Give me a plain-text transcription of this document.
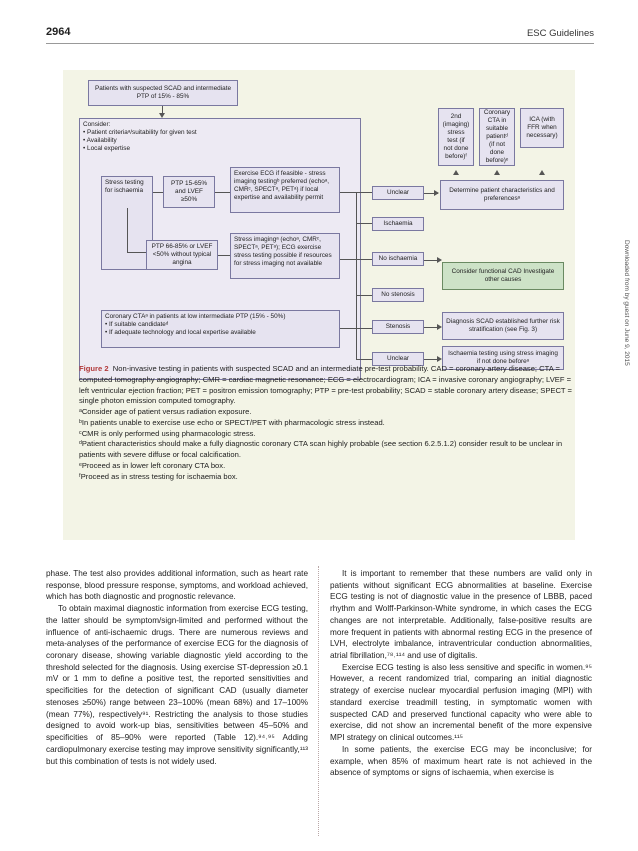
2964	ESC Guidelines
Patients with suspected SCAD and intermediate PTP of 15% - 85%
Consider:
• Patient criteriaᵃ/suitability for given test
• Availability
• Local expertise
Stress testing for ischaemia
PTP 15-65% and LVEF ≥50%
Exercise ECG if feasible - stress imaging testingᵇ preferred (echoᵃ, CMRᶜ, SPECTᵃ, PETᵃ) if local expertise and availability permit
PTP 66-85% or LVEF <50% without typical angina
Stress imagingᵃ (echoᵃ, CMRᶜ, SPECTᵃ, PETᵃ); ECG exercise stress testing possible if resources for stress imaging not available
Coronary CTAᵃ in patients at low intermediate PTP (15% - 50%)
• If suitable candidateᵈ
• If adequate technology and local expertise available
Unclear
Ischaemia
No ischaemia
No stenosis
Stenosis
Unclear
2nd (imaging) stress test (if not done before)ᶠ
Coronary CTA in suitable patientᵈ (if not done before)ᵉ
ICA (with FFR when necessary)
Determine patient characteristics and preferencesᵃ
Consider functional CAD Investigate other causes
Diagnosis SCAD established further risk stratification (see Fig. 3)
Ischaemia testing using stress imaging if not done beforeᵃ

Figure 2 Non-invasive testing in patients with suspected SCAD and an intermediate pre-test probability. CAD = coronary artery disease; CTA = computed tomography angiography; CMR = cardiac magnetic resonance; ECG = electrocardiogram; ICA = invasive coronary angiography; LVEF = left ventricular ejection fraction; PET = positron emission tomography; PTP = pre-test probability; SCAD = stable coronary artery disease; SPECT = single photon emission computed tomography.

ᵃConsider age of patient versus radiation exposure.

ᵇIn patients unable to exercise use echo or SPECT/PET with pharmacologic stress instead.

ᶜCMR is only performed using pharmacologic stress.

ᵈPatient characteristics should make a fully diagnostic coronary CTA scan highly probable (see section 6.2.5.1.2) consider result to be unclear in patients with severe diffuse or focal calcification.

ᵉProceed as in lower left coronary CTA box.

ᶠProceed as in stress testing for ischaemia box.

Downloaded from by guest on June 9, 2015

phase. The test also provides additional information, such as heart rate response, blood pressure response, symptoms, and workload achieved, which has both diagnostic and prognostic relevance.

To obtain maximal diagnostic information from exercise ECG testing, the latter should be symptom/sign-limited and performed without the influence of anti-ischaemic drugs. There are numerous reviews and meta-analyses of the performance of exercise ECG for the diagnosis of coronary disease, showing variable diagnostic yield according to the threshold selected for the diagnosis. Using exercise ST-depression ≥0.1 mV or 1 mm to define a positive test, the reported sensitivities and specificities for the detection of significant CAD (usually diameter stenoses ≥50%) range between 23–100% (mean 68%) and 17–100% (mean 77%), respectively⁹¹. Restricting the analysis to those studies designed to avoid work-up bias, sensitivities between 45–50% and specificities of 85–90% were reported (Table 12).⁹⁴˒⁹⁵ Adding cardiopulmonary exercise testing may improve sensitivity significantly,¹¹³ but this combination of tests is not widely used.

It is important to remember that these numbers are valid only in patients without significant ECG abnormalities at baseline. Exercise ECG testing is not of diagnostic value in the presence of LBBB, paced rhythm and Wolff-Parkinson-White syndrome, in which cases the ECG changes are not interpretable. Additionally, false-positive results are more frequent in patients with abnormal resting ECG in the presence of LVH, electrolyte imbalance, intraventricular conduction abnormalities, atrial fibrillation,⁷⁸˒¹¹⁴ and use of digitalis.

Exercise ECG testing is also less sensitive and specific in women.⁹⁵ However, a recent randomized trial, comparing an initial diagnostic strategy of exercise nuclear myocardial perfusion imaging (MPI) with standard exercise treadmill testing, in symptomatic women with suspected CAD and preserved functional capacity who were able to exercise, did not show an incremental benefit of the more expensive MPI strategy on clinical outcomes.¹¹⁵

In some patients, the exercise ECG may be inconclusive; for example, when 85% of maximum heart rate is not achieved in the absence of symptoms or signs of ischaemia, when exercise is
